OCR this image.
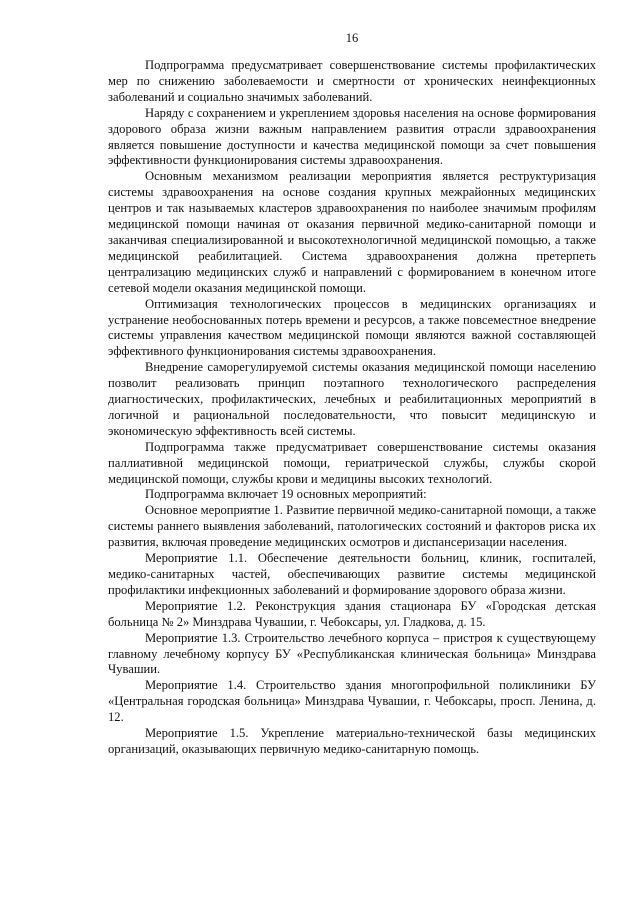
16

Подпрограмма предусматривает совершенствование системы профилактических мер по снижению заболеваемости и смертности от хронических неинфекционных заболеваний и социально значимых заболеваний.

Наряду с сохранением и укреплением здоровья населения на основе формирования здорового образа жизни важным направлением развития отрасли здравоохранения является повышение доступности и качества медицинской помощи за счет повышения эффективности функционирования системы здравоохранения.

Основным механизмом реализации мероприятия является реструктуризация системы здравоохранения на основе создания крупных межрайонных медицинских центров и так называемых кластеров здравоохранения по наиболее значимым профилям медицинской помощи начиная от оказания первичной медико-санитарной помощи и заканчивая специализированной и высокотехнологичной медицинской помощью, а также медицинской реабилитацией. Система здравоохранения должна претерпеть централизацию медицинских служб и направлений с формированием в конечном итоге сетевой модели оказания медицинской помощи.

Оптимизация технологических процессов в медицинских организациях и устранение необоснованных потерь времени и ресурсов, а также повсеместное внедрение системы управления качеством медицинской помощи являются важной составляющей эффективного функционирования системы здравоохранения.

Внедрение саморегулируемой системы оказания медицинской помощи населению позволит реализовать принцип поэтапного технологического распределения диагностических, профилактических, лечебных и реабилитационных мероприятий в логичной и рациональной последовательности, что повысит медицинскую и экономическую эффективность всей системы.

Подпрограмма также предусматривает совершенствование системы оказания паллиативной медицинской помощи, гериатрической службы, службы скорой медицинской помощи, службы крови и медицины высоких технологий.

Подпрограмма включает 19 основных мероприятий:

Основное мероприятие 1. Развитие первичной медико-санитарной помощи, а также системы раннего выявления заболеваний, патологических состояний и факторов риска их развития, включая проведение медицинских осмотров и диспансеризации населения.

Мероприятие 1.1. Обеспечение деятельности больниц, клиник, госпиталей, медико-санитарных частей, обеспечивающих развитие системы медицинской профилактики инфекционных заболеваний и формирование здорового образа жизни.

Мероприятие 1.2. Реконструкция здания стационара БУ «Городская детская больница № 2» Минздрава Чувашии, г. Чебоксары, ул. Гладкова, д. 15.

Мероприятие 1.3. Строительство лечебного корпуса – пристроя к существующему главному лечебному корпусу БУ «Республиканская клиническая больница» Минздрава Чувашии.

Мероприятие 1.4. Строительство здания многопрофильной поликлиники БУ «Центральная городская больница» Минздрава Чувашии, г. Чебоксары, просп. Ленина, д. 12.

Мероприятие 1.5. Укрепление материально-технической базы медицинских организаций, оказывающих первичную медико-санитарную помощь.
